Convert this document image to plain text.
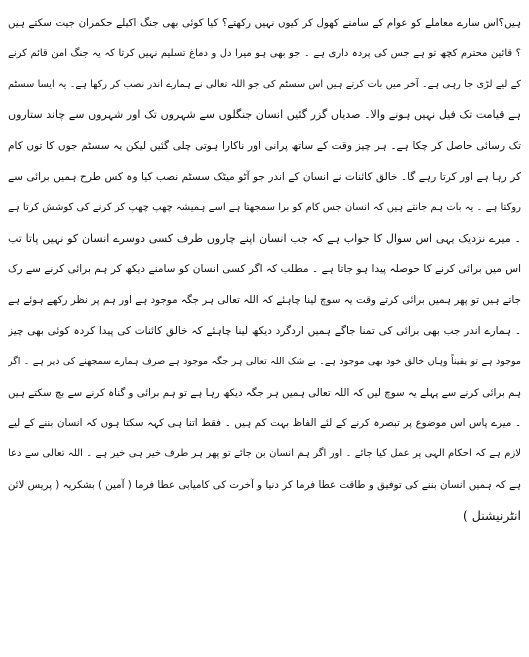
ہیں؟اس سارے معاملے کو عوام کے سامنے کھول کر کیوں نہیں رکھتے؟ کیا کوئی بھی جنگ اکیلے حکمران جیت سکتے ہیں
؟ قائین محترم کچھ تو ہے جس کی پردہ داری ہے ۔ جو بھی ہو میرا دل و دماغ تسلیم نہیں کرتا کہ یہ جنگ امن قائم کرنے
کے لیے لڑی جا رہی ہے۔ آخر میں بات کرتے ہیں اس سسٹم کی جو اللہ تعالی نے ہمارے اندر نصب کر رکھا ہے۔ یہ ایسا سسٹم
ہے قیامت تک فیل نہیں ہونے والا۔ صدیاں گزر گئیں انسان جنگلوں سے شہروں تک اور شہروں سے چاند ستاروں
تک رسائی حاصل کر چکا ہے۔ ہر چیز وقت کے ساتھ پرانی اور ناکارا ہوتی چلی گئیں لیکن یہ سسٹم جوں کا توں کام
کر رہا ہے اور کرتا رہے گا۔ خالق کائنات نے انسان کے اندر جو آٹو میٹک سسٹم نصب کیا وہ کس طرح ہمیں برائی سے
روکتا ہے ۔ یہ بات ہم جانتے ہیں کہ انسان جس کام کو برا سمجھتا ہے اسے ہمیشہ چھپ چھپ کر کرنے کی کوشش کرتا ہے
۔ میرے نزدیک یہی اس سوال کا جواب ہے کہ جب انسان اپنے چاروں طرف کسی دوسرے انسان کو نہیں پاتا تب
اس میں برائی کرنے کا حوصلہ پیدا ہو جاتا ہے ۔ مطلب کہ اگر کسی انسان کو سامنے دیکھ کر ہم برائی کرنے سے رک
جاتے ہیں تو پھر ہمیں برائی کرتے وقت یہ سوچ لینا چاہئے کہ اللہ تعالی ہر جگہ موجود ہے اور ہم پر نظر رکھے ہوئے ہے
۔ ہمارے اندر جب بھی برائی کی تمنا جاگے ہمیں اردگرد دیکھ لینا چاہئے کہ خالق کائنات کی پیدا کردہ کوئی بھی چیز
موجود ہے تو یقیناً وہاں خالق خود بھی موجود ہے۔ بے شک اللہ تعالی ہر جگہ موجود ہے صرف ہمارے سمجھنے کی دیر ہے ۔ اگر
ہم برائی کرنے سے پہلے یہ سوچ لیں کہ اللہ تعالی ہمیں ہر جگہ دیکھ رہا ہے تو ہم برائی و گناہ کرنے سے بچ سکتے ہیں
۔ میرے پاس اس موضوع پر تبصرہ کرنے کے لئے الفاظ بہت کم ہیں ۔ فقط اتنا ہی کہہ سکتا ہوں کہ انسان بننے کے لیے
لازم ہے کہ احکام الہی پر عمل کیا جائے ۔ اور اگر ہم انسان بن جائے تو پھر ہر طرف خیر ہی خیر ہے ۔ اللہ تعالی سے دعا
ہے کہ ہمیں انسان بننے کی توفیق و طاقت عطا فرما کر دنیا و آخرت کی کامیابی عطا فرما ( آمین ) بشکریہ ( پریس لائن
انٹرنیشنل )
